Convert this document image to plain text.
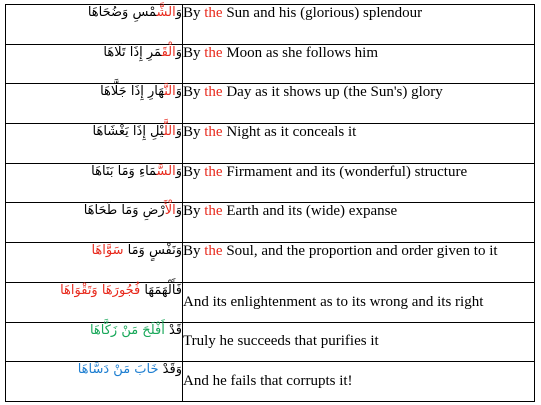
وَالشَّمْسِ وَضُحَاهَا	By the Sun and his (glorious) splendour
وَالْقَمَرِ إِذَا تَلَاهَا	By the Moon as she follows him
وَالنَّهَارِ إِذَا جَلَّاهَا	By the Day as it shows up (the Sun's) glory
وَاللَّيْلِ إِذَا يَغْشَاهَا	By the Night as it conceals it
وَالسَّمَاءِ وَمَا بَنَاهَا	By the Firmament and its (wonderful) structure
وَالْأَرْضِ وَمَا طَحَاهَا	By the Earth and its (wide) expanse
وَنَفْسٍ وَمَا سَوَّاهَا	By the Soul, and the proportion and order given to it
فَأَلْهَمَهَا فُجُورَهَا وَتَقْوَاهَا	And its enlightenment as to its wrong and its right
قَدْ أَفْلَحَ مَنْ زَكَّاهَا	Truly he succeeds that purifies it
وَقَدْ خَابَ مَنْ دَسَّاهَا	And he fails that corrupts it!
